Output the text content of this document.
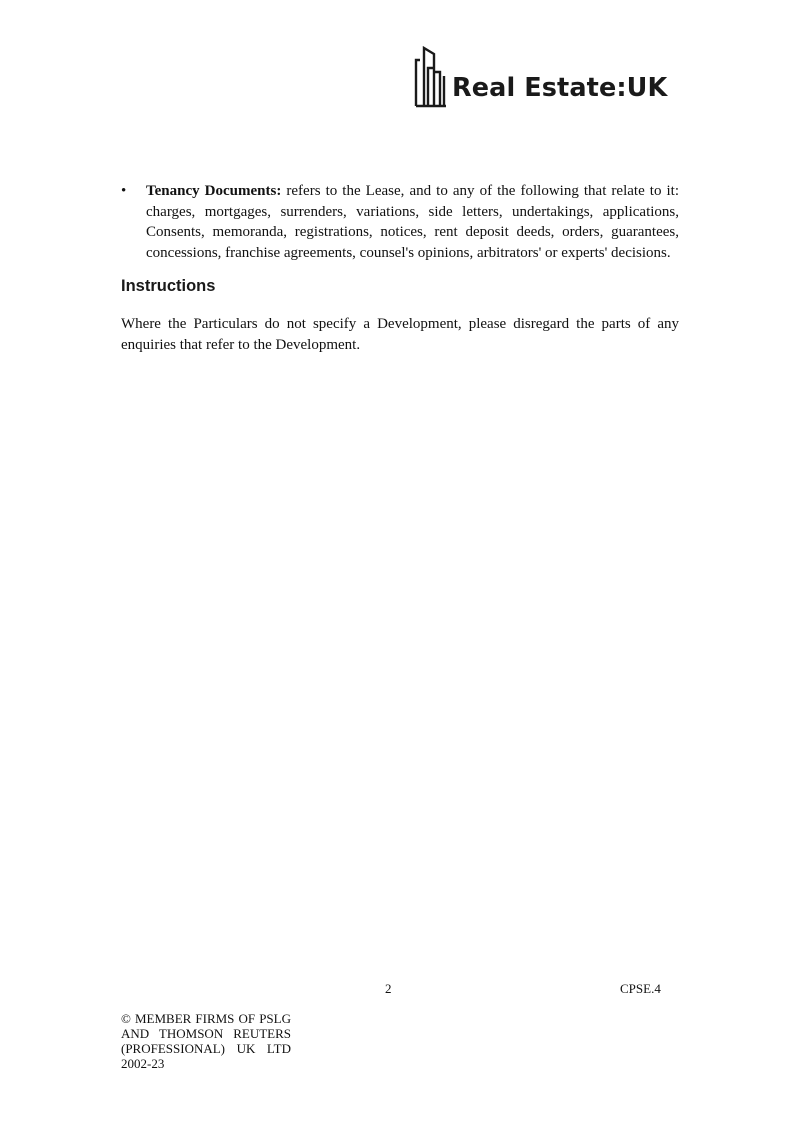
Real Estate:UK
• Tenancy Documents: refers to the Lease, and to any of the following that relate to it: charges, mortgages, surrenders, variations, side letters, undertakings, applications, Consents, memoranda, registrations, notices, rent deposit deeds, orders, guarantees, concessions, franchise agreements, counsel's opinions, arbitrators' or experts' decisions.
Instructions

Where the Particulars do not specify a Development, please disregard the parts of any enquiries that refer to the Development.

2	CPSE.4
© MEMBER FIRMS OF PSLG
AND THOMSON REUTERS
(PROFESSIONAL) UK LTD
2002-23
